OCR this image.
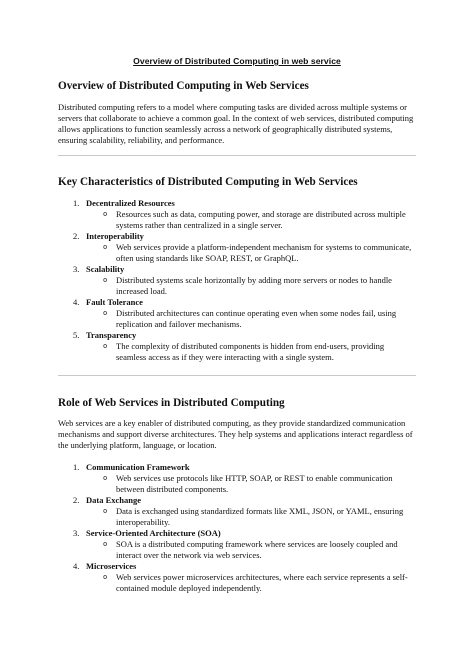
Overview of Distributed Computing in web service

Overview of Distributed Computing in Web Services

Distributed computing refers to a model where computing tasks are divided across multiple systems or servers that collaborate to achieve a common goal. In the context of web services, distributed computing allows applications to function seamlessly across a network of geographically distributed systems, ensuring scalability, reliability, and performance.

Key Characteristics of Distributed Computing in Web Services
1. Decentralized Resources
o Resources such as data, computing power, and storage are distributed across multiple systems rather than centralized in a single server.
2. Interoperability
o Web services provide a platform-independent mechanism for systems to communicate, often using standards like SOAP, REST, or GraphQL.
3. Scalability
o Distributed systems scale horizontally by adding more servers or nodes to handle increased load.
4. Fault Tolerance
o Distributed architectures can continue operating even when some nodes fail, using replication and failover mechanisms.
5. Transparency
o The complexity of distributed components is hidden from end-users, providing seamless access as if they were interacting with a single system.
Role of Web Services in Distributed Computing

Web services are a key enabler of distributed computing, as they provide standardized communication mechanisms and support diverse architectures. They help systems and applications interact regardless of the underlying platform, language, or location.

1. Communication Framework
o Web services use protocols like HTTP, SOAP, or REST to enable communication between distributed components.
2. Data Exchange
o Data is exchanged using standardized formats like XML, JSON, or YAML, ensuring interoperability.
3. Service-Oriented Architecture (SOA)
o SOA is a distributed computing framework where services are loosely coupled and interact over the network via web services.
4. Microservices
o Web services power microservices architectures, where each service represents a self-contained module deployed independently.
